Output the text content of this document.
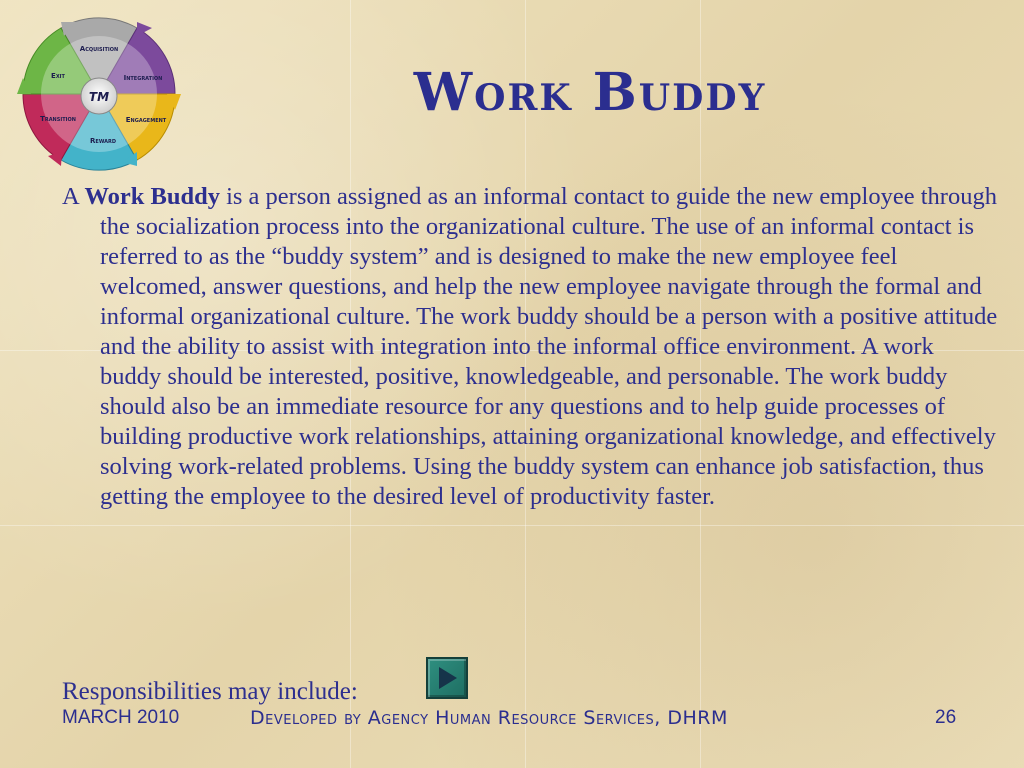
TM
Acquisition
Integration
Engagement
Reward
Transition
Exit	Work Buddy
A Work Buddy is a person assigned as an informal contact to guide the new employee through the socialization process into the organizational culture. The use of an informal contact is referred to as the “buddy system” and is designed to make the new employee feel welcomed, answer questions, and help the new employee navigate through the formal and informal organizational culture. The work buddy should be a person with a positive attitude and the ability to assist with integration into the informal office environment. A work buddy should be interested, positive, knowledgeable, and personable. The work buddy should also be an immediate resource for any questions and to help guide processes of building productive work relationships, attaining organizational knowledge, and effectively solving work-related problems. Using the buddy system can enhance job satisfaction, thus getting the employee to the desired level of productivity faster.
Responsibilities may include:
MARCH 2010	Developed by Agency Human Resource Services, DHRM	26
